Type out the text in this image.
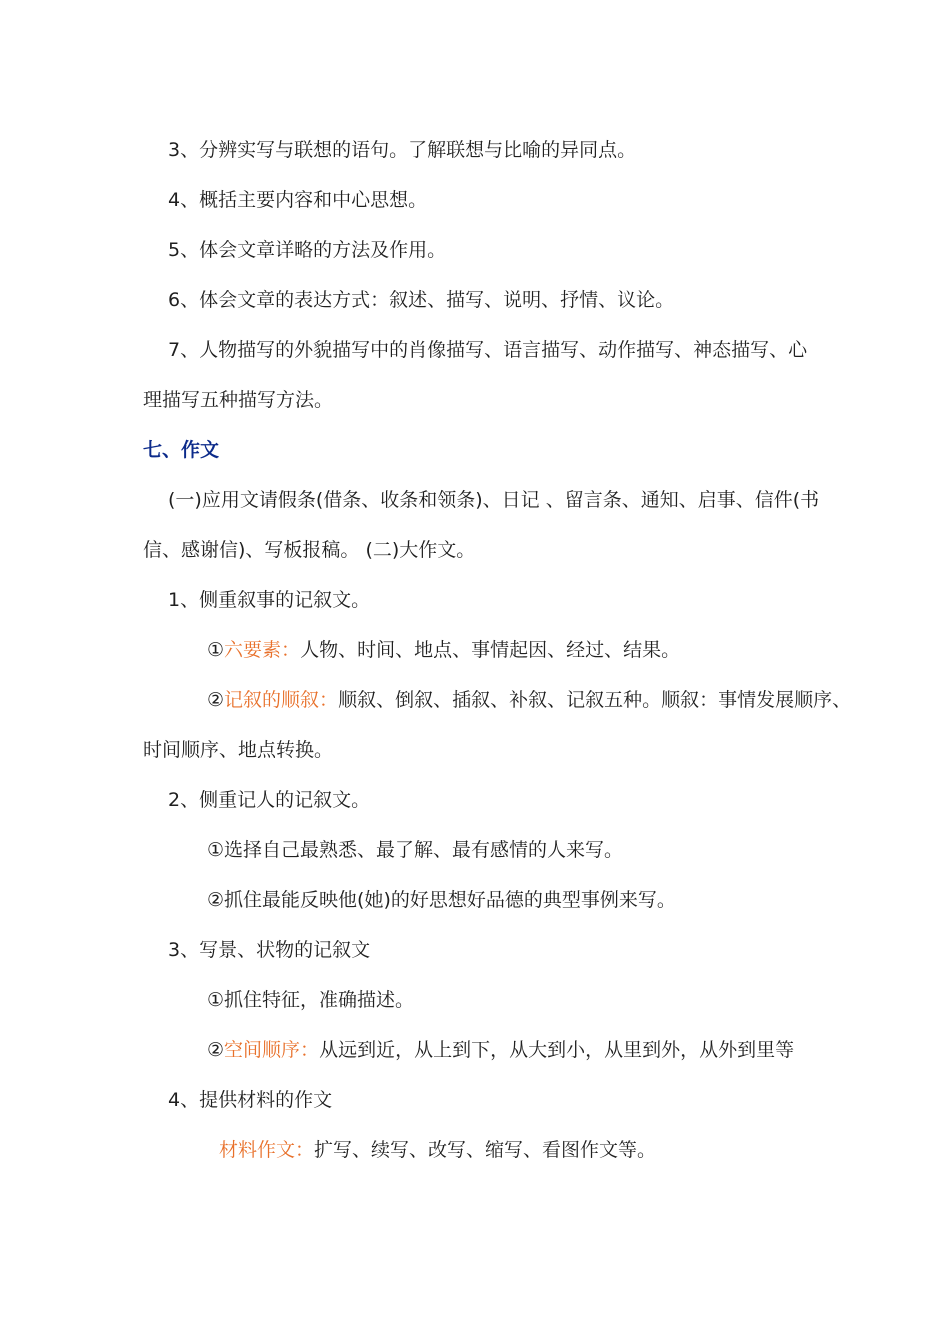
3、分辨实写与联想的语句。了解联想与比喻的异同点。
4、概括主要内容和中心思想。
5、体会文章详略的方法及作用。
6、体会文章的表达方式：叙述、描写、说明、抒情、议论。
7、人物描写的外貌描写中的肖像描写、语言描写、动作描写、神态描写、心
理描写五种描写方法。
七、作文
(一)应用文请假条(借条、收条和领条)、日记 、留言条、通知、启事、信件(书
信、感谢信)、写板报稿。 (二)大作文。
1、侧重叙事的记叙文。
①六要素：人物、时间、地点、事情起因、经过、结果。
②记叙的顺叙：顺叙、倒叙、插叙、补叙、记叙五种。顺叙：事情发展顺序、
时间顺序、地点转换。
2、侧重记人的记叙文。
①选择自己最熟悉、最了解、最有感情的人来写。
②抓住最能反映他(她)的好思想好品德的典型事例来写。
3、写景、状物的记叙文
①抓住特征，准确描述。
②空间顺序：从远到近，从上到下，从大到小，从里到外，从外到里等
4、提供材料的作文
材料作文：扩写、续写、改写、缩写、看图作文等。
